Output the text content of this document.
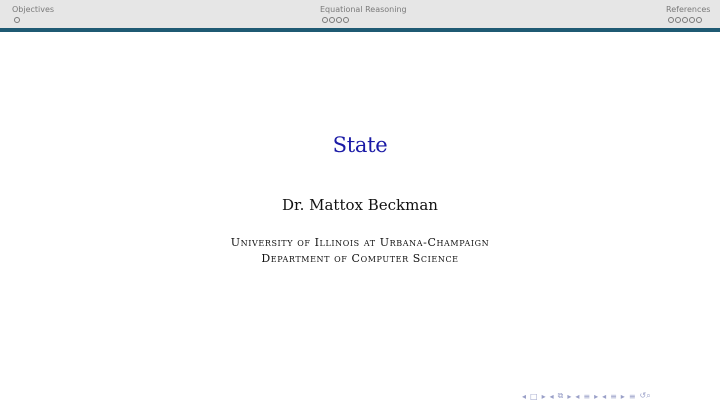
Objectives	Equational Reasoning	References
State
Dr. Mattox Beckman
University of Illinois at Urbana-Champaign
Department of Computer Science
◂ □ ▸ ◂ ⧉ ▸ ◂ ≡ ▸ ◂ ≡ ▸ ≡ ↺⌕
